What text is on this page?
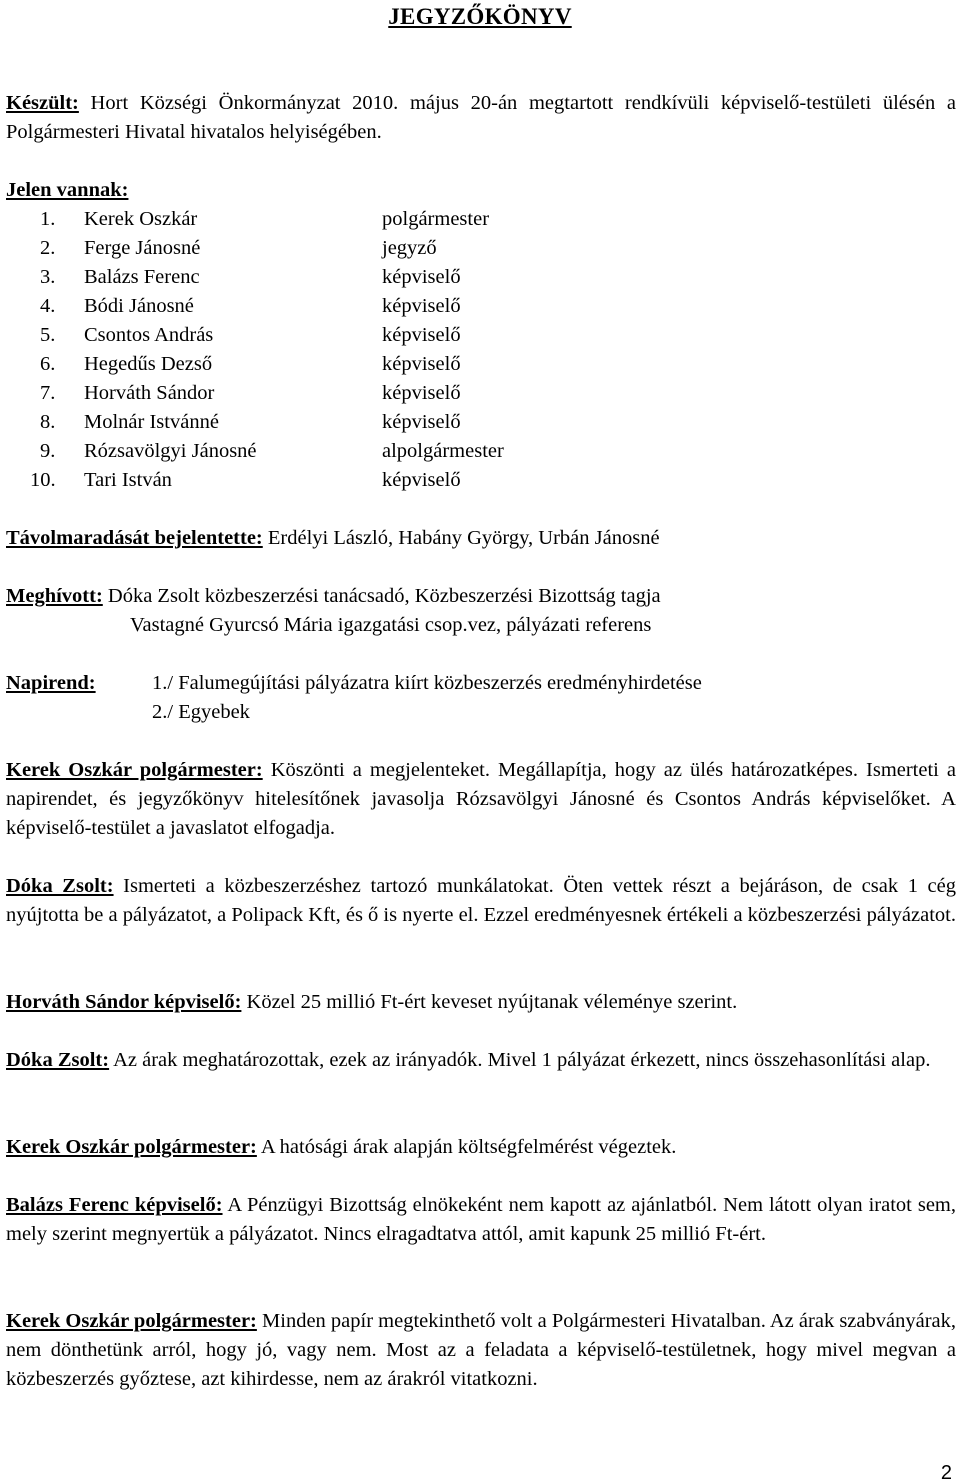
JEGYZŐKÖNYV
Készült: Hort Községi Önkormányzat 2010. május 20-án megtartott rendkívüli képviselő-testületi ülésén a Polgármesteri Hivatal hivatalos helyiségében.
Jelen vannak:
1. Kerek Oszkár	polgármester
2. Ferge Jánosné	jegyző
3. Balázs Ferenc	képviselő
4. Bódi Jánosné	képviselő
5. Csontos András	képviselő
6. Hegedűs Dezső	képviselő
7. Horváth Sándor	képviselő
8. Molnár Istvánné	képviselő
9. Rózsavölgyi Jánosné	alpolgármester
10. Tari István	képviselő
Távolmaradását bejelentette: Erdélyi László, Habány György, Urbán Jánosné
Meghívott: Dóka Zsolt közbeszerzési tanácsadó, Közbeszerzési Bizottság tagja
Vastagné Gyurcsó Mária igazgatási csop.vez, pályázati referens
Napirend:	1./ Falumegújítási pályázatra kiírt közbeszerzés eredményhirdetése
2./ Egyebek
Kerek Oszkár polgármester: Köszönti a megjelenteket. Megállapítja, hogy az ülés határozatképes. Ismerteti a napirendet, és jegyzőkönyv hitelesítőnek javasolja Rózsavölgyi Jánosné és Csontos András képviselőket. A képviselő-testület a javaslatot elfogadja.
Dóka Zsolt: Ismerteti a közbeszerzéshez tartozó munkálatokat. Öten vettek részt a bejáráson, de csak 1 cég nyújtotta be a pályázatot, a Polipack Kft, és ő is nyerte el. Ezzel eredményesnek értékeli a közbeszerzési pályázatot.
Horváth Sándor képviselő: Közel 25 millió Ft-ért keveset nyújtanak véleménye szerint.
Dóka Zsolt: Az árak meghatározottak, ezek az irányadók. Mivel 1 pályázat érkezett, nincs összehasonlítási alap.
Kerek Oszkár polgármester: A hatósági árak alapján költségfelmérést végeztek.
Balázs Ferenc képviselő: A Pénzügyi Bizottság elnökeként nem kapott az ajánlatból. Nem látott olyan iratot sem, mely szerint megnyertük a pályázatot. Nincs elragadtatva attól, amit kapunk 25 millió Ft-ért.
Kerek Oszkár polgármester: Minden papír megtekinthető volt a Polgármesteri Hivatalban. Az árak szabványárak, nem dönthetünk arról, hogy jó, vagy nem. Most az a feladata a képviselő-testületnek, hogy mivel megvan a közbeszerzés győztese, azt kihirdesse, nem az árakról vitatkozni.
2
